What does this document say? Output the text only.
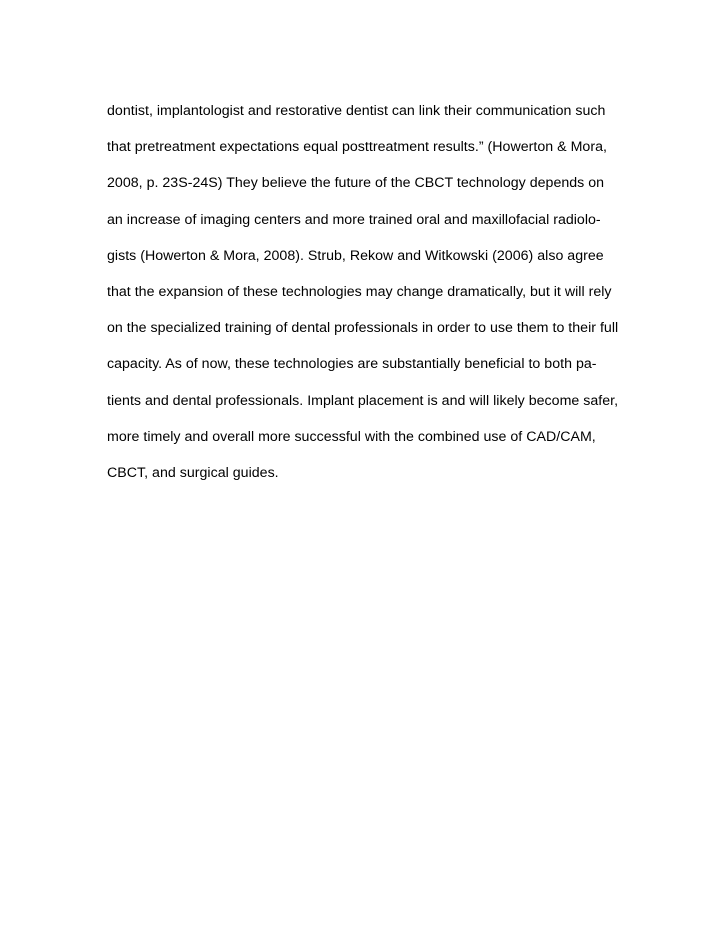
dontist, implantologist and restorative dentist can link their communication such
that pretreatment expectations equal posttreatment results.” (Howerton & Mora,
2008, p. 23S-24S) They believe the future of the CBCT technology depends on
an increase of imaging centers and more trained oral and maxillofacial radiolo-
gists (Howerton & Mora, 2008). Strub, Rekow and Witkowski (2006) also agree
that the expansion of these technologies may change dramatically, but it will rely
on the specialized training of dental professionals in order to use them to their full
capacity. As of now, these technologies are substantially beneficial to both pa-
tients and dental professionals. Implant placement is and will likely become safer,
more timely and overall more successful with the combined use of CAD/CAM,
CBCT, and surgical guides.
